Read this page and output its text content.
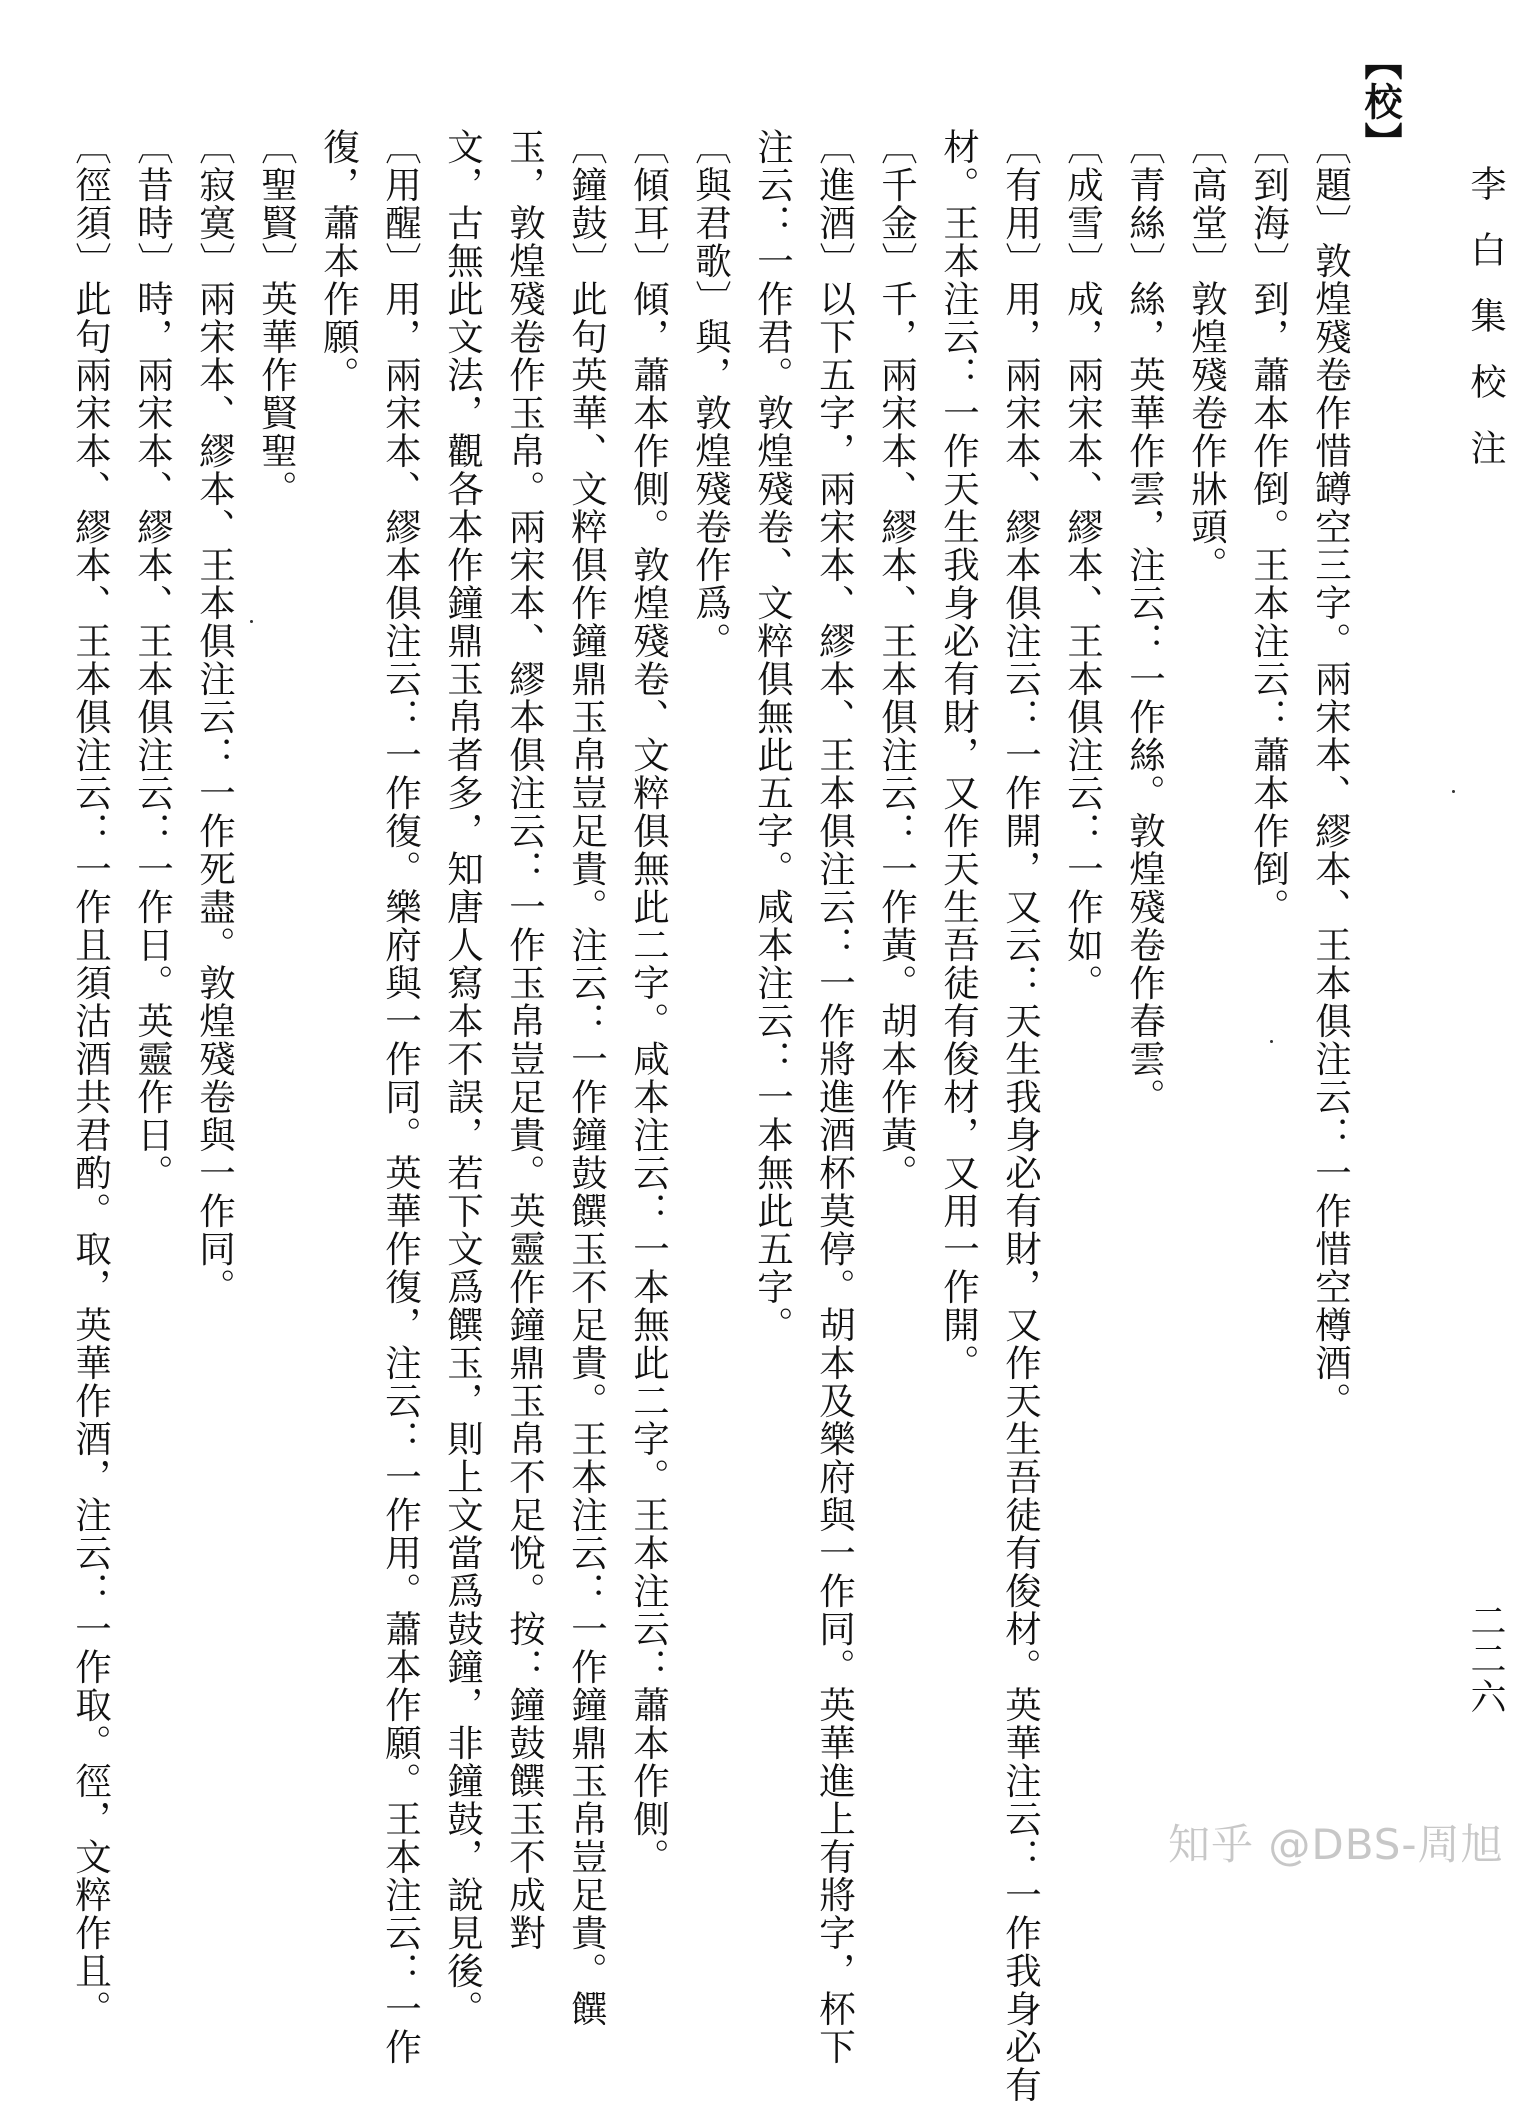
李白集校注
二二六
【校】
〔題〕敦煌殘卷作惜罇空三字。兩宋本、繆本、王本俱注云：一作惜空樽酒。
〔到海〕到，蕭本作倒。王本注云：蕭本作倒。
〔高堂〕敦煌殘卷作牀頭。
〔青絲〕絲，英華作雲，注云：一作絲。敦煌殘卷作春雲。
〔成雪〕成，兩宋本、繆本、王本俱注云：一作如。
〔有用〕用，兩宋本、繆本俱注云：一作開，又云：天生我身必有財，又作天生吾徒有俊材。英華注云：一作我身必有
材。王本注云：一作天生我身必有財，又作天生吾徒有俊材，又用一作開。
〔千金〕千，兩宋本、繆本、王本俱注云：一作黃。胡本作黃。
〔進酒〕以下五字，兩宋本、繆本、王本俱注云：一作將進酒杯莫停。胡本及樂府與一作同。英華進上有將字，杯下
注云：一作君。敦煌殘卷、文粹俱無此五字。咸本注云：一本無此五字。
〔與君歌〕與，敦煌殘卷作爲。
〔傾耳〕傾，蕭本作側。敦煌殘卷、文粹俱無此二字。咸本注云：一本無此二字。王本注云：蕭本作側。
〔鐘鼓〕此句英華、文粹俱作鐘鼎玉帛豈足貴。注云：一作鐘鼓饌玉不足貴。王本注云：一作鐘鼎玉帛豈足貴。饌
玉，敦煌殘卷作玉帛。兩宋本、繆本俱注云：一作玉帛豈足貴。英靈作鐘鼎玉帛不足悅。按：鐘鼓饌玉不成對
文，古無此文法，觀各本作鐘鼎玉帛者多，知唐人寫本不誤，若下文爲饌玉，則上文當爲鼓鐘，非鐘鼓，說見後。
〔用醒〕用，兩宋本、繆本俱注云：一作復。樂府與一作同。英華作復，注云：一作用。蕭本作願。王本注云：一作
復，蕭本作願。
〔聖賢〕英華作賢聖。
〔寂寞〕兩宋本、繆本、王本俱注云：一作死盡。敦煌殘卷與一作同。
〔昔時〕時，兩宋本、繆本、王本俱注云：一作日。英靈作日。
〔徑須〕此句兩宋本、繆本、王本俱注云：一作且須沽酒共君酌。取，英華作酒，注云：一作取。徑，文粹作且。	知乎 @DBS-周旭
